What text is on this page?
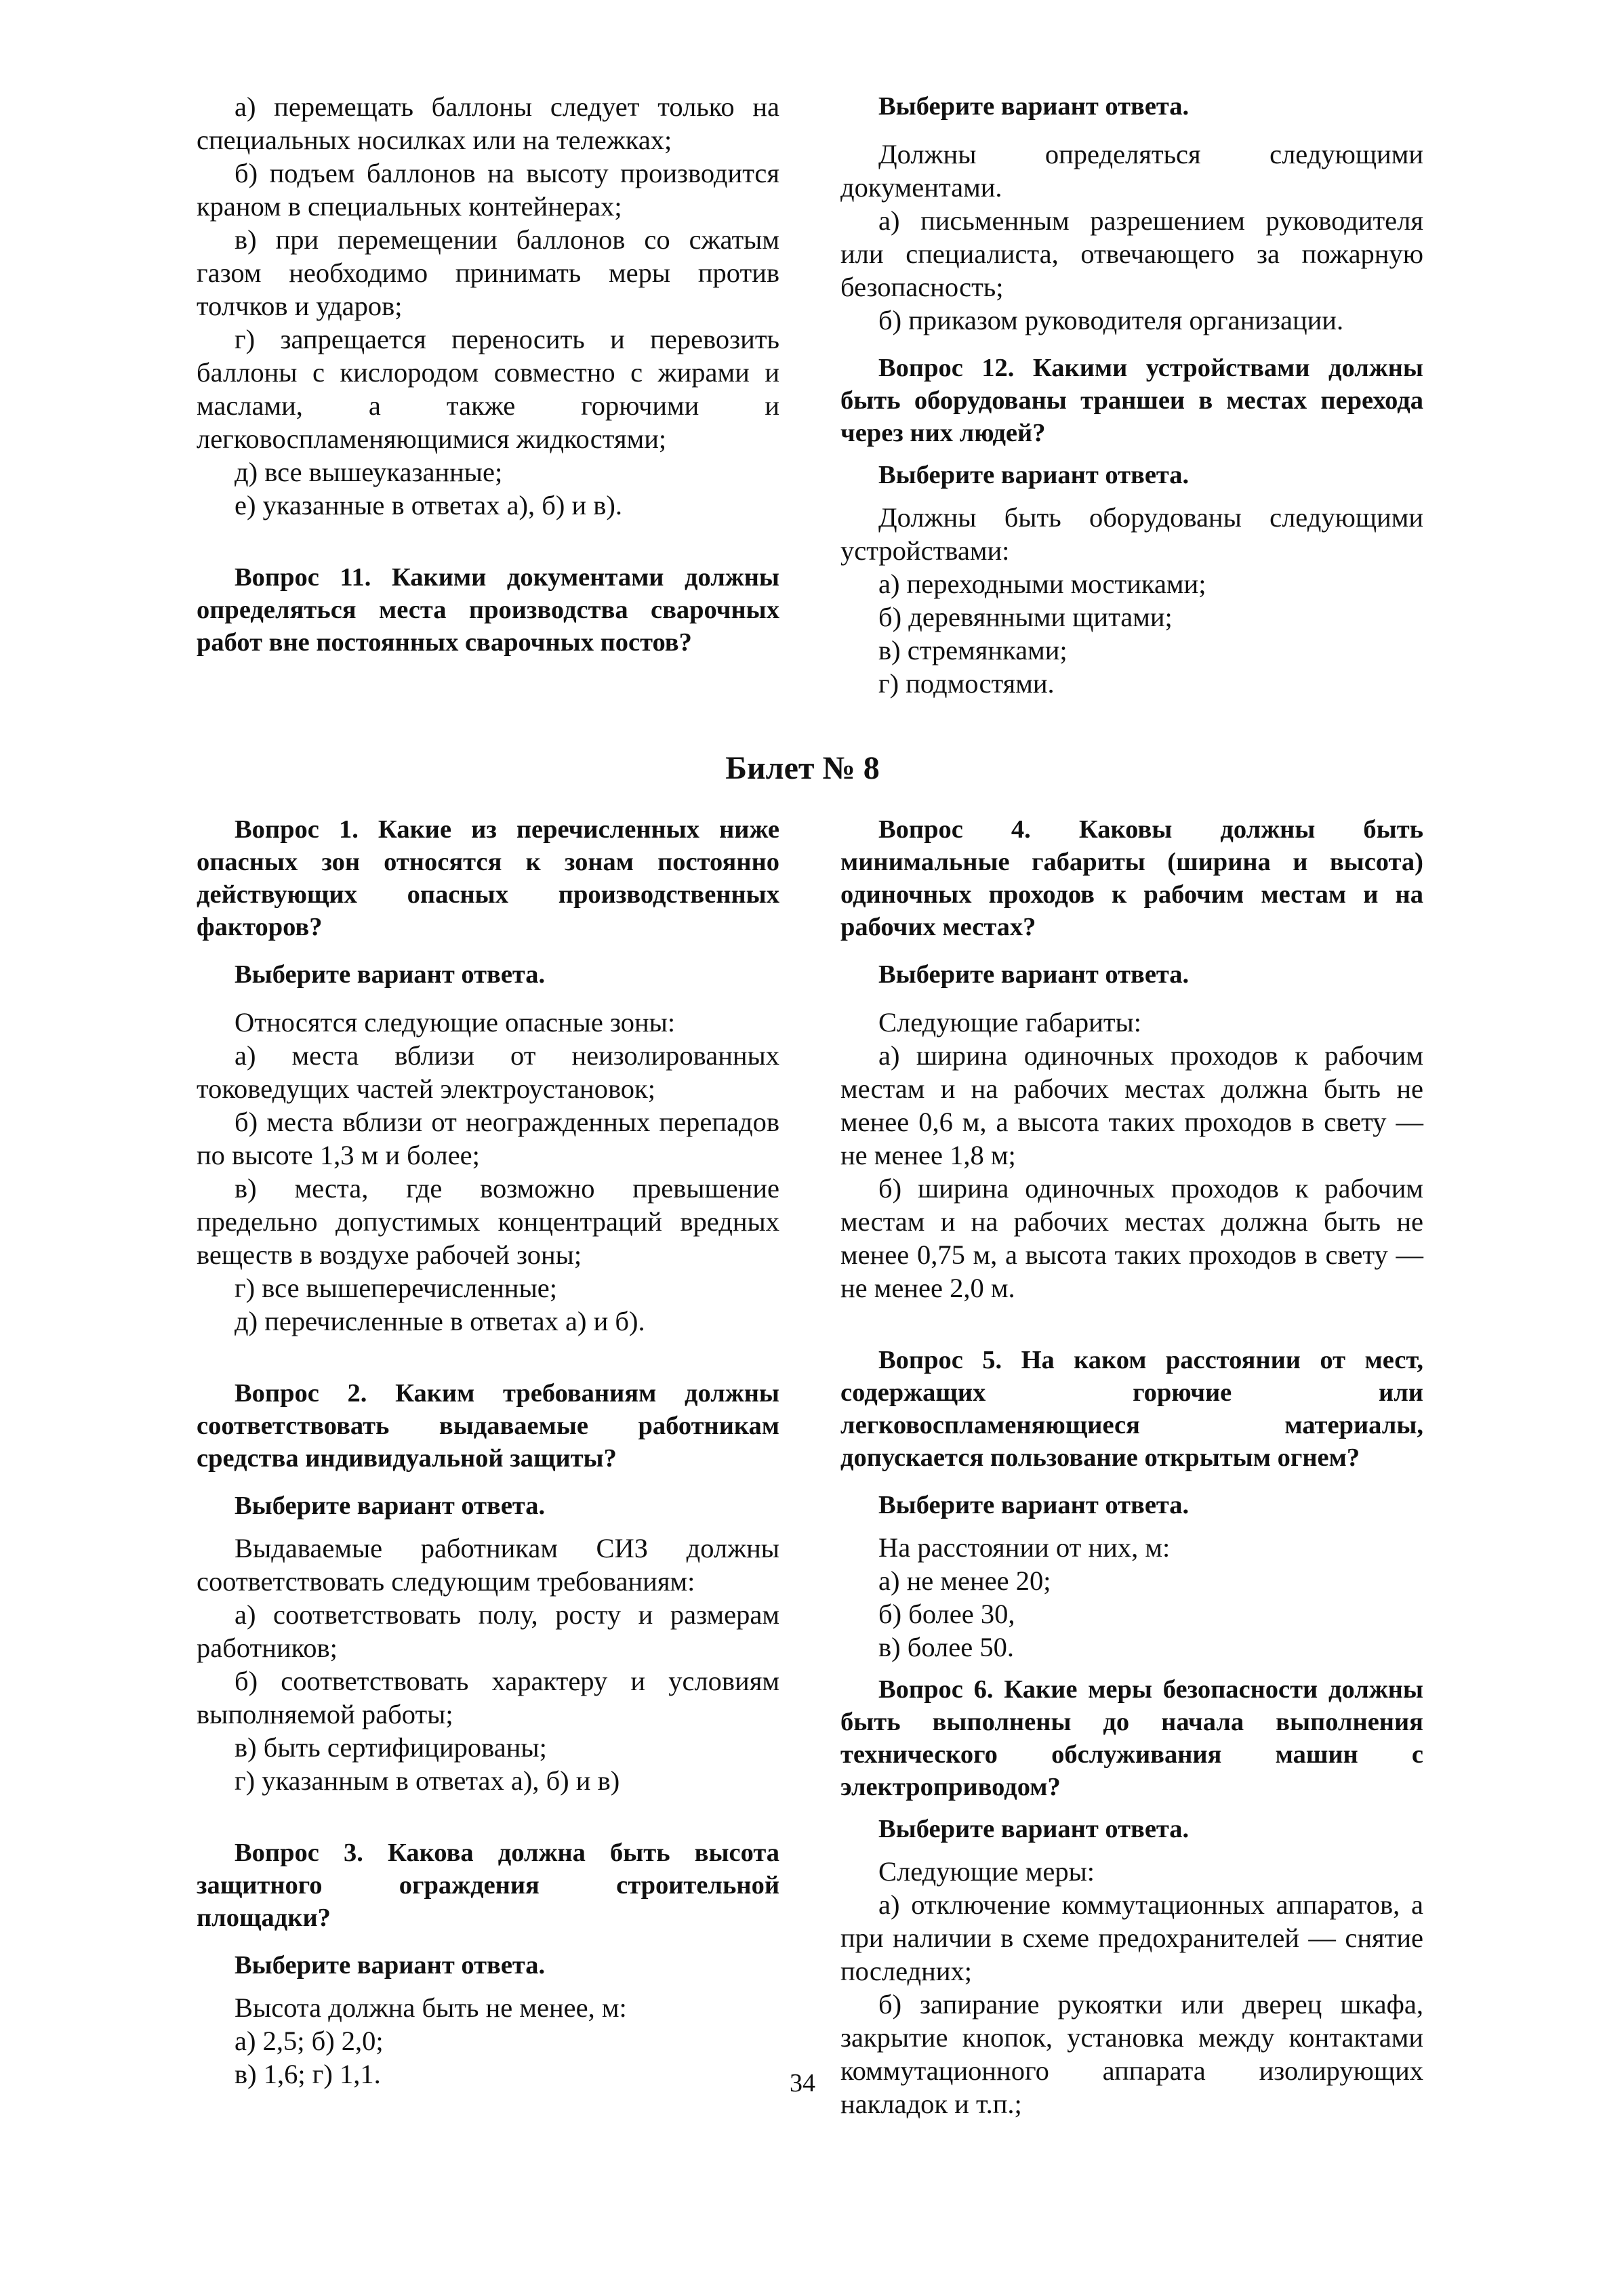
а) перемещать баллоны следует только на специальных носилках или на тележках;

б) подъем баллонов на высоту производится краном в специальных контейнерах;

в) при перемещении баллонов со сжатым газом необходимо принимать меры против толчков и ударов;

г) запрещается переносить и перевозить баллоны с кислородом совместно с жирами и маслами, а также горючими и легковоспламеняющимися жидкостями;

д) все вышеуказанные;

е) указанные в ответах а), б) и в).

Вопрос 11. Какими документами должны определяться места производства сварочных работ вне постоянных сварочных постов?

Выберите вариант ответа.

Должны определяться следующими документами.

а) письменным разрешением руководителя или специалиста, отвечающего за пожарную безопасность;

б) приказом руководителя организации.

Вопрос 12. Какими устройствами должны быть оборудованы траншеи в местах перехода через них людей?

Выберите вариант ответа.

Должны быть оборудованы следующими устройствами:

а) переходными мостиками;

б) деревянными щитами;

в) стремянками;

г) подмостями.

Билет № 8

Вопрос 1. Какие из перечисленных ниже опасных зон относятся к зонам постоянно действующих опасных производственных факторов?

Выберите вариант ответа.

Относятся следующие опасные зоны:

а) места вблизи от неизолированных токоведущих частей электроустановок;

б) места вблизи от неогражденных перепадов по высоте 1,3 м и более;

в) места, где возможно превышение предельно допустимых концентраций вредных веществ в воздухе рабочей зоны;

г) все вышеперечисленные;

д) перечисленные в ответах а) и б).

Вопрос 2. Каким требованиям должны соответствовать выдаваемые работникам средства индивидуальной защиты?

Выберите вариант ответа.

Выдаваемые работникам СИЗ должны соответствовать следующим требованиям:

а) соответствовать полу, росту и размерам работников;

б) соответствовать характеру и условиям выполняемой работы;

в) быть сертифицированы;

г) указанным в ответах а), б) и в)

Вопрос 3. Какова должна быть высота защитного ограждения строительной площадки?

Выберите вариант ответа.

Высота должна быть не менее, м:

а) 2,5; б) 2,0;

в) 1,6; г) 1,1.

Вопрос 4. Каковы должны быть минимальные габариты (ширина и высота) одиночных проходов к рабочим местам и на рабочих местах?

Выберите вариант ответа.

Следующие габариты:

а) ширина одиночных проходов к рабочим местам и на рабочих местах должна быть не менее 0,6 м, а высота таких проходов в свету — не менее 1,8 м;

б) ширина одиночных проходов к рабочим местам и на рабочих местах должна быть не менее 0,75 м, а высота таких проходов в свету — не менее 2,0 м.

Вопрос 5. На каком расстоянии от мест, содержащих горючие или легковоспламеняющиеся материалы, допускается пользование открытым огнем?

Выберите вариант ответа.

На расстоянии от них, м:

а) не менее 20;

б) более 30,

в) более 50.

Вопрос 6. Какие меры безопасности должны быть выполнены до начала выполнения технического обслуживания машин с электроприводом?

Выберите вариант ответа.

Следующие меры:

а) отключение коммутационных аппаратов, а при наличии в схеме предохранителей — снятие последних;

б) запирание рукоятки или дверец шкафа, закрытие кнопок, установка между контактами коммутационного аппарата изолирующих накладок и т.п.;

34
